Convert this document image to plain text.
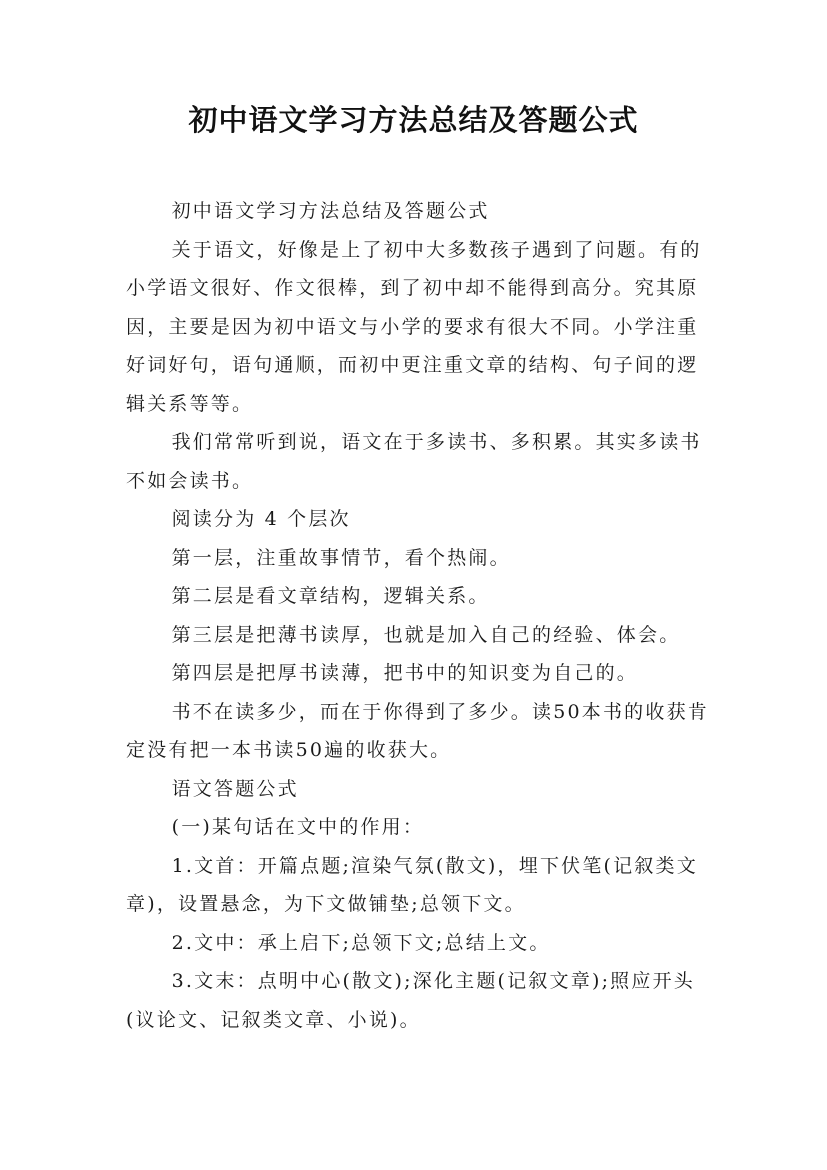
初中语文学习方法总结及答题公式

初中语文学习方法总结及答题公式

关于语文，好像是上了初中大多数孩子遇到了问题。有的小学语文很好、作文很棒，到了初中却不能得到高分。究其原因，主要是因为初中语文与小学的要求有很大不同。小学注重好词好句，语句通顺，而初中更注重文章的结构、句子间的逻辑关系等等。

我们常常听到说，语文在于多读书、多积累。其实多读书不如会读书。

阅读分为 4 个层次

第一层，注重故事情节，看个热闹。

第二层是看文章结构，逻辑关系。

第三层是把薄书读厚，也就是加入自己的经验、体会。

第四层是把厚书读薄，把书中的知识变为自己的。

书不在读多少，而在于你得到了多少。读50本书的收获肯定没有把一本书读50遍的收获大。

语文答题公式

(一)某句话在文中的作用：

1.文首：开篇点题;渲染气氛(散文)，埋下伏笔(记叙类文章)，设置悬念，为下文做铺垫;总领下文。

2.文中：承上启下;总领下文;总结上文。

3.文末：点明中心(散文);深化主题(记叙文章);照应开头(议论文、记叙类文章、小说)。
